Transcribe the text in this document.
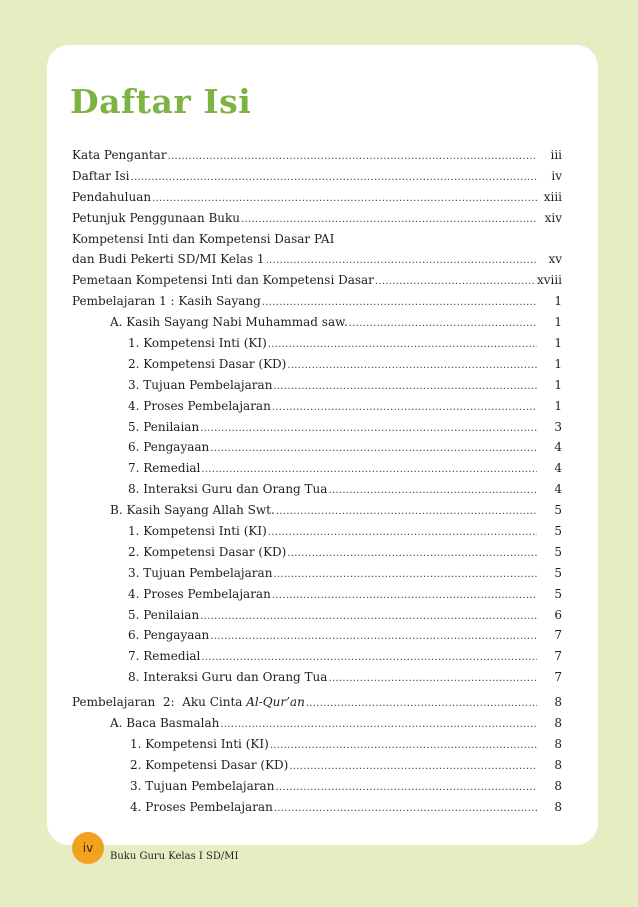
Daftar Isi
Kata Pengantar .....	iii
Daftar Isi .....	iv
Pendahuluan .....	xiii
Petunjuk Penggunaan Buku .....	xiv
Kompetensi Inti dan Kompetensi Dasar PAI
dan Budi Pekerti SD/MI Kelas 1 .....	xv
Pemetaan Kompetensi Inti dan Kompetensi Dasar .....	xviii
Pembelajaran 1 : Kasih Sayang .....	1
A. Kasih Sayang Nabi Muhammad saw. .....	1
1. Kompetensi Inti (KI) .....	1
2. Kompetensi Dasar (KD) .....	1
3. Tujuan Pembelajaran .....	1
4. Proses Pembelajaran .....	1
5. Penilaian .....	3
6. Pengayaan .....	4
7. Remedial .....	4
8. Interaksi Guru dan Orang Tua .....	4
B. Kasih Sayang Allah Swt. .....	5
1. Kompetensi Inti (KI) .....	5
2. Kompetensi Dasar (KD) .....	5
3. Tujuan Pembelajaran .....	5
4. Proses Pembelajaran .....	5
5. Penilaian .....	6
6. Pengayaan .....	7
7. Remedial .....	7
8. Interaksi Guru dan Orang Tua .....	7
Pembelajaran  2:  Aku Cinta Al-Qur’an .....	8
A. Baca Basmalah .....	8
1. Kompetensi Inti (KI) .....	8
2. Kompetensi Dasar (KD) .....	8
3. Tujuan Pembelajaran .....	8
4. Proses Pembelajaran .....	8
iv
Buku Guru Kelas I SD/MI
